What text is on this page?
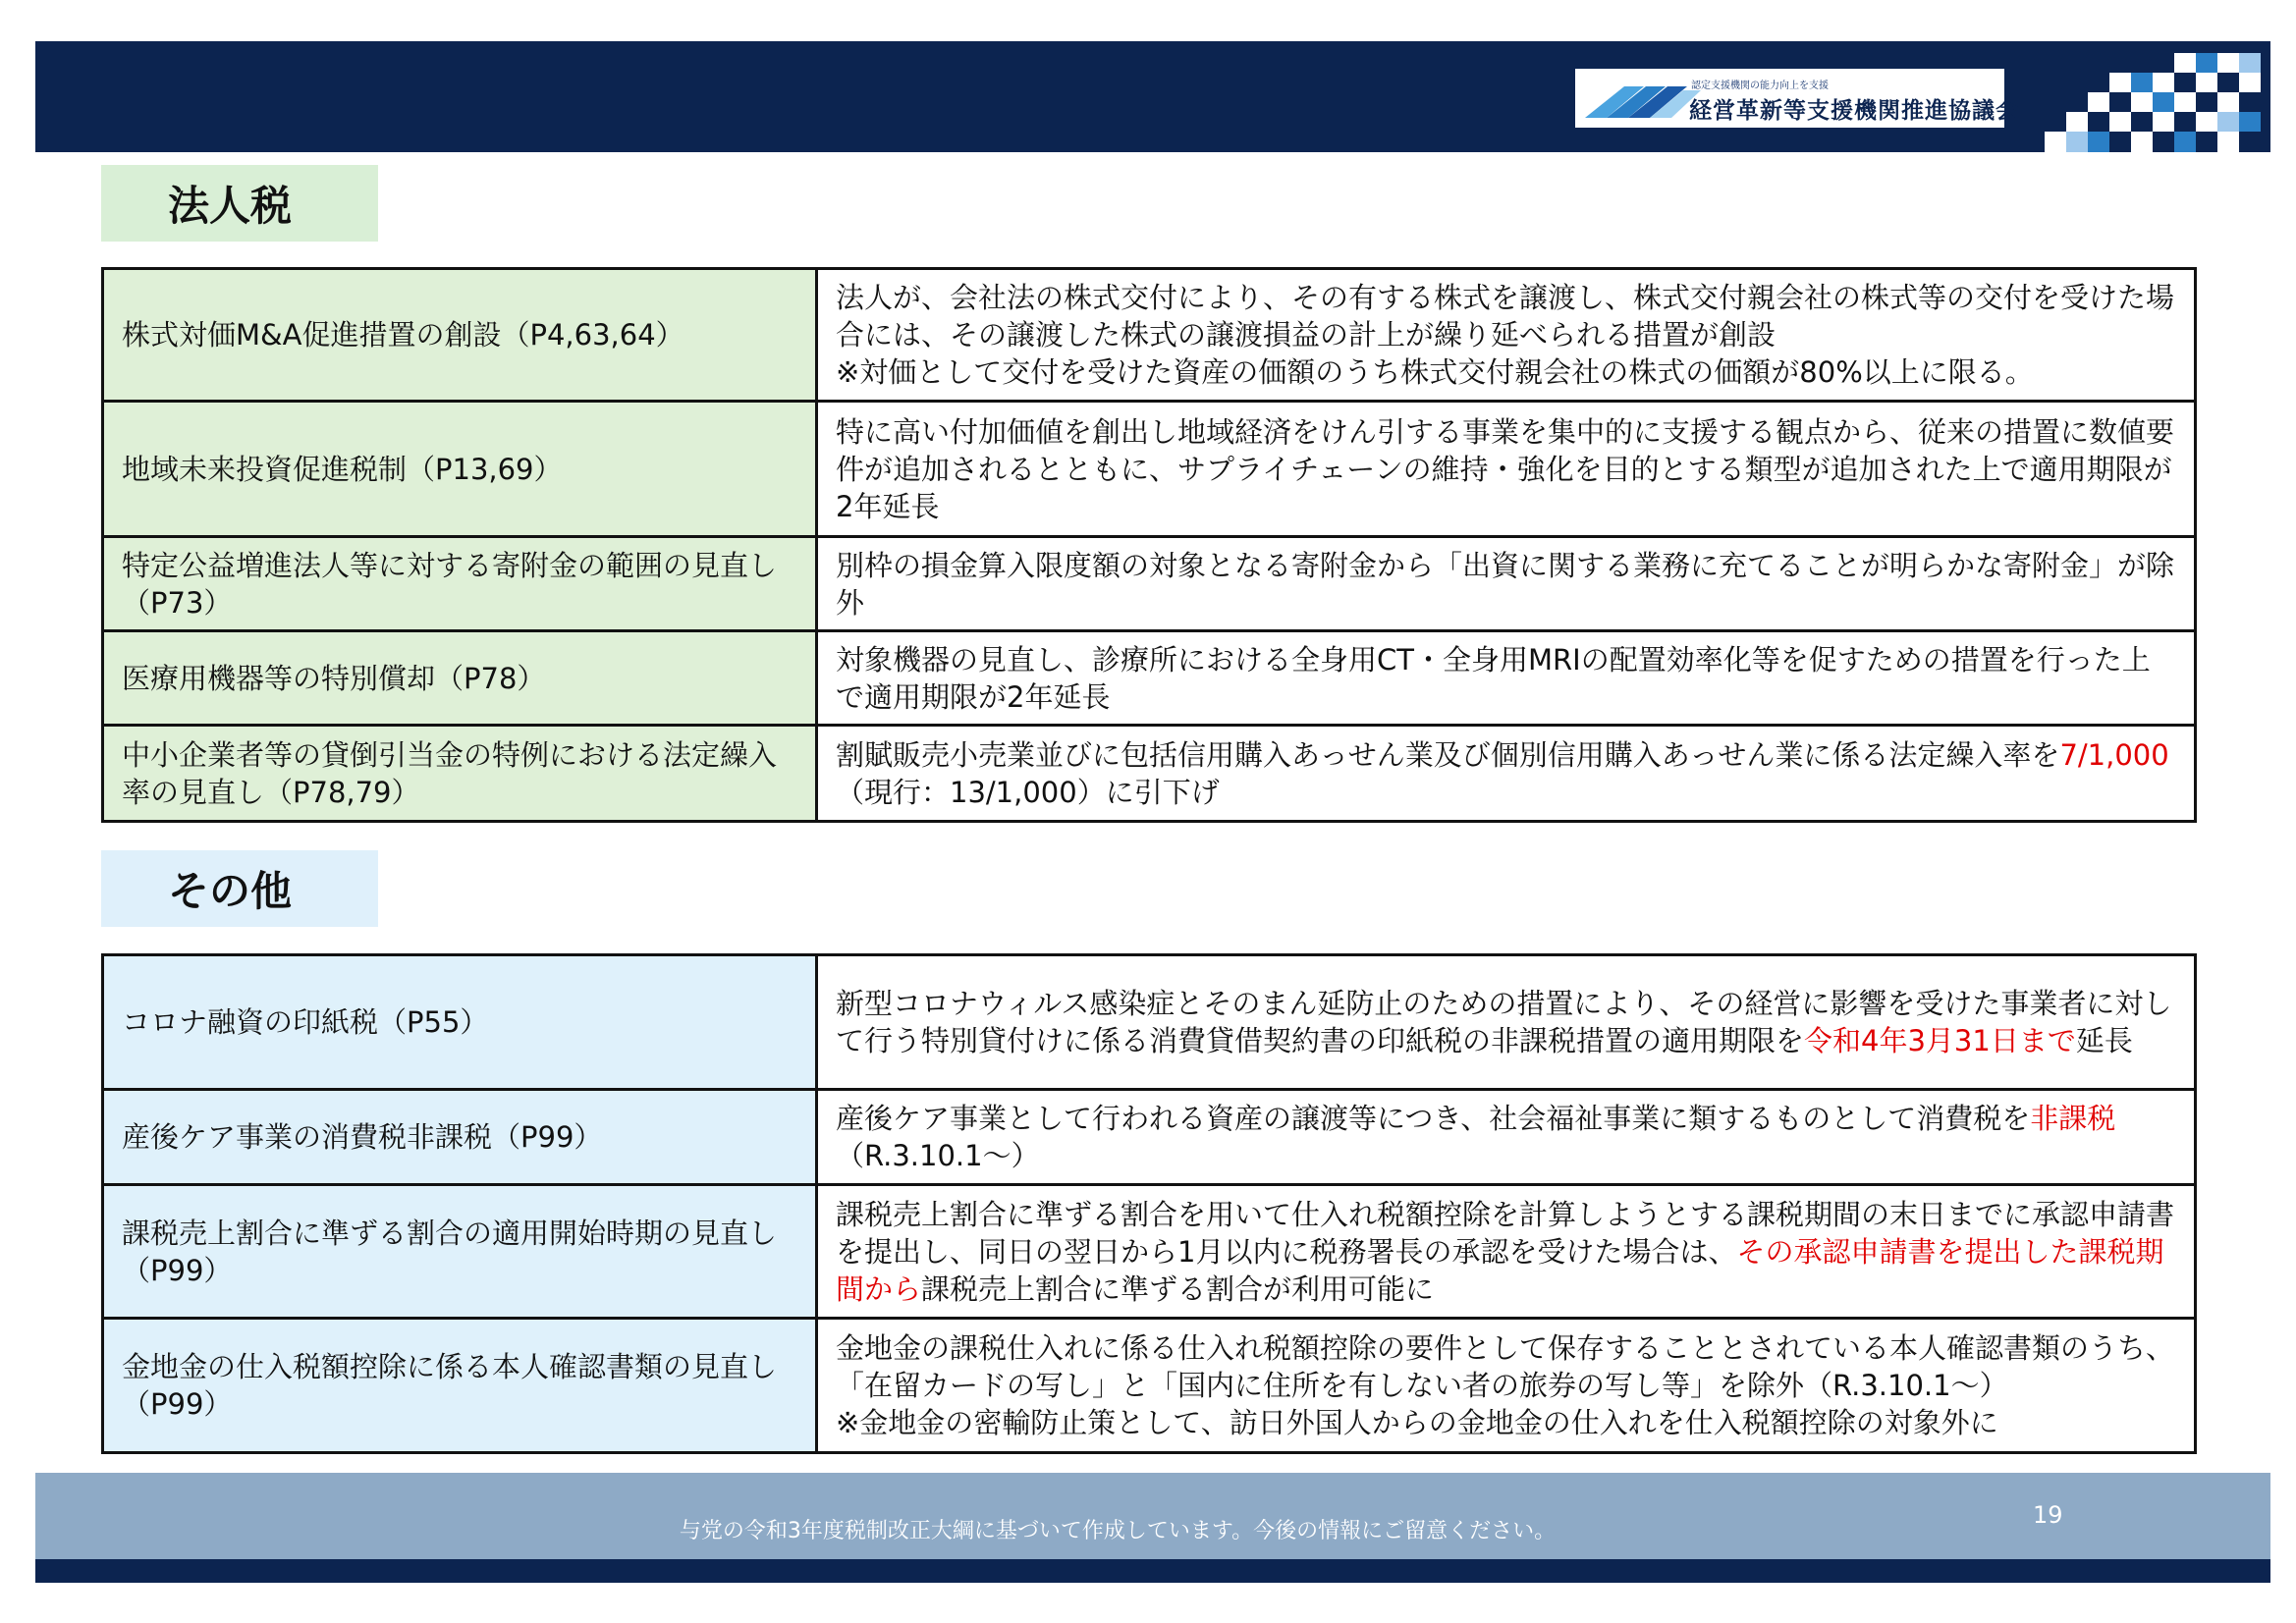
認定支援機関の能力向上を支援
経営革新等支援機関推進協議会
法人税
株式対価M&A促進措置の創設（P4,63,64）	法人が、会社法の株式交付により、その有する株式を譲渡し、株式交付親会社の株式等の交付を受けた場合には、その譲渡した株式の譲渡損益の計上が繰り延べられる措置が創設
※対価として交付を受けた資産の価額のうち株式交付親会社の株式の価額が80%以上に限る。

地域未来投資促進税制（P13,69）	特に高い付加価値を創出し地域経済をけん引する事業を集中的に支援する観点から、従来の措置に数値要件が追加されるとともに、サプライチェーンの維持・強化を目的とする類型が追加された上で適用期限が2年延長
特定公益増進法人等に対する寄附金の範囲の見直し（P73）	別枠の損金算入限度額の対象となる寄附金から「出資に関する業務に充てることが明らかな寄附金」が除外
医療用機器等の特別償却（P78）	対象機器の見直し、診療所における全身用CT・全身用MRIの配置効率化等を促すための措置を行った上で適用期限が2年延長
中小企業者等の貸倒引当金の特例における法定繰入率の見直し（P78,79）	割賦販売小売業並びに包括信用購入あっせん業及び個別信用購入あっせん業に係る法定繰入率を7/1,000（現行：13/1,000）に引下げ
その他
コロナ融資の印紙税（P55）	新型コロナウィルス感染症とそのまん延防止のための措置により、その経営に影響を受けた事業者に対して行う特別貸付けに係る消費貸借契約書の印紙税の非課税措置の適用期限を令和4年3月31日まで延長
産後ケア事業の消費税非課税（P99）	産後ケア事業として行われる資産の譲渡等につき、社会福祉事業に類するものとして消費税を非課税（R.3.10.1～）
課税売上割合に準ずる割合の適用開始時期の見直し（P99）	課税売上割合に準ずる割合を用いて仕入れ税額控除を計算しようとする課税期間の末日までに承認申請書を提出し、同日の翌日から1月以内に税務署長の承認を受けた場合は、その承認申請書を提出した課税期間から課税売上割合に準ずる割合が利用可能に
金地金の仕入税額控除に係る本人確認書類の見直し（P99）	金地金の課税仕入れに係る仕入れ税額控除の要件として保存することとされている本人確認書類のうち、「在留カードの写し」と「国内に住所を有しない者の旅券の写し等」を除外（R.3.10.1～）
※金地金の密輸防止策として、訪日外国人からの金地金の仕入れを仕入税額控除の対象外に
与党の令和3年度税制改正大綱に基づいて作成しています。今後の情報にご留意ください。
19
